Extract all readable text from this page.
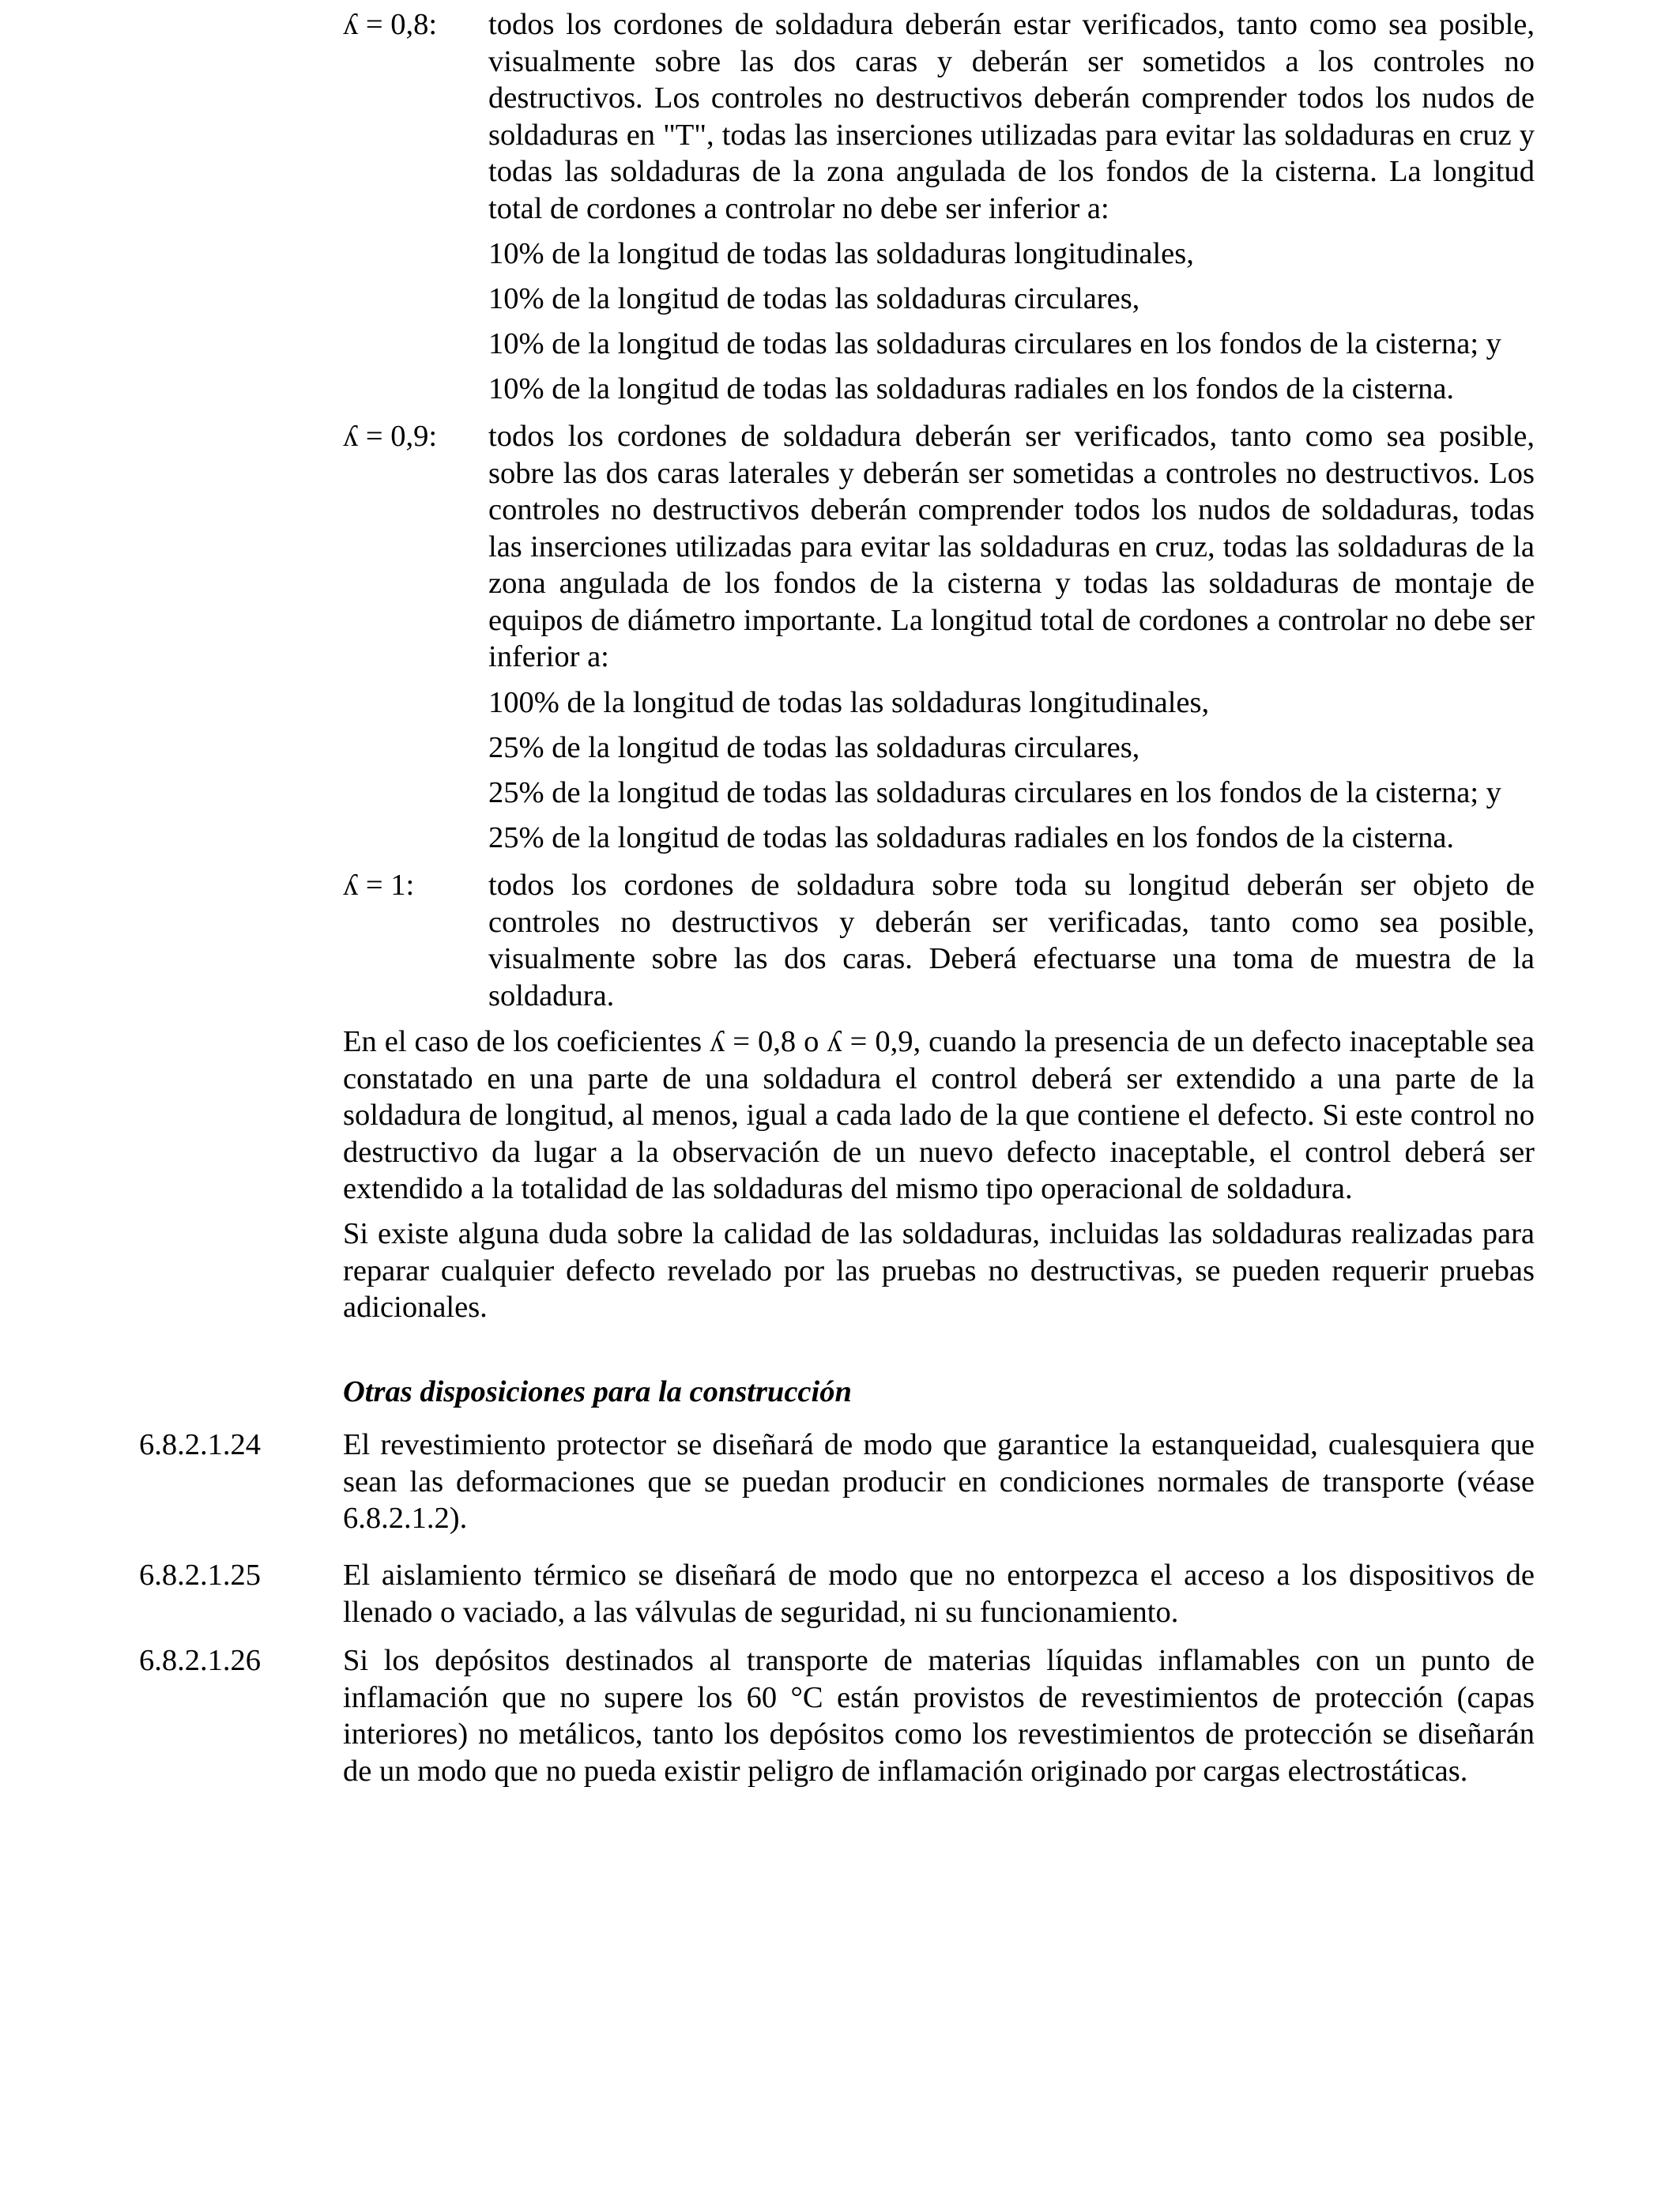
ʎ = 0,8: todos los cordones de soldadura deberán estar verificados, tanto como sea posible, visualmente sobre las dos caras y deberán ser sometidos a los controles no destructivos. Los controles no destructivos deberán comprender todos los nudos de soldaduras en "T", todas las inserciones utilizadas para evitar las soldaduras en cruz y todas las soldaduras de la zona angulada de los fondos de la cisterna. La longitud total de cordones a controlar no debe ser inferior a:
10% de la longitud de todas las soldaduras longitudinales,
10% de la longitud de todas las soldaduras circulares,
10% de la longitud de todas las soldaduras circulares en los fondos de la cisterna; y
10% de la longitud de todas las soldaduras radiales en los fondos de la cisterna.
ʎ = 0,9: todos los cordones de soldadura deberán ser verificados, tanto como sea posible, sobre las dos caras laterales y deberán ser sometidas a controles no destructivos. Los controles no destructivos deberán comprender todos los nudos de soldaduras, todas las inserciones utilizadas para evitar las soldaduras en cruz, todas las soldaduras de la zona angulada de los fondos de la cisterna y todas las soldaduras de montaje de equipos de diámetro importante. La longitud total de cordones a controlar no debe ser inferior a:
100% de la longitud de todas las soldaduras longitudinales,
25% de la longitud de todas las soldaduras circulares,
25% de la longitud de todas las soldaduras circulares en los fondos de la cisterna; y
25% de la longitud de todas las soldaduras radiales en los fondos de la cisterna.
ʎ = 1: todos los cordones de soldadura sobre toda su longitud deberán ser objeto de controles no destructivos y deberán ser verificadas, tanto como sea posible, visualmente sobre las dos caras. Deberá efectuarse una toma de muestra de la soldadura.
En el caso de los coeficientes ʎ = 0,8 o ʎ = 0,9, cuando la presencia de un defecto inaceptable sea constatado en una parte de una soldadura el control deberá ser extendido a una parte de la soldadura de longitud, al menos, igual a cada lado de la que contiene el defecto. Si este control no destructivo da lugar a la observación de un nuevo defecto inaceptable, el control deberá ser extendido a la totalidad de las soldaduras del mismo tipo operacional de soldadura.
Si existe alguna duda sobre la calidad de las soldaduras, incluidas las soldaduras realizadas para reparar cualquier defecto revelado por las pruebas no destructivas, se pueden requerir pruebas adicionales.
Otras disposiciones para la construcción
6.8.2.1.24	El revestimiento protector se diseñará de modo que garantice la estanqueidad, cualesquiera que sean las deformaciones que se puedan producir en condiciones normales de transporte (véase 6.8.2.1.2).
6.8.2.1.25	El aislamiento térmico se diseñará de modo que no entorpezca el acceso a los dispositivos de llenado o vaciado, a las válvulas de seguridad, ni su funcionamiento.
6.8.2.1.26	Si los depósitos destinados al transporte de materias líquidas inflamables con un punto de inflamación que no supere los 60 °C están provistos de revestimientos de protección (capas interiores) no metálicos, tanto los depósitos como los revestimientos de protección se diseñarán de un modo que no pueda existir peligro de inflamación originado por cargas electrostáticas.
